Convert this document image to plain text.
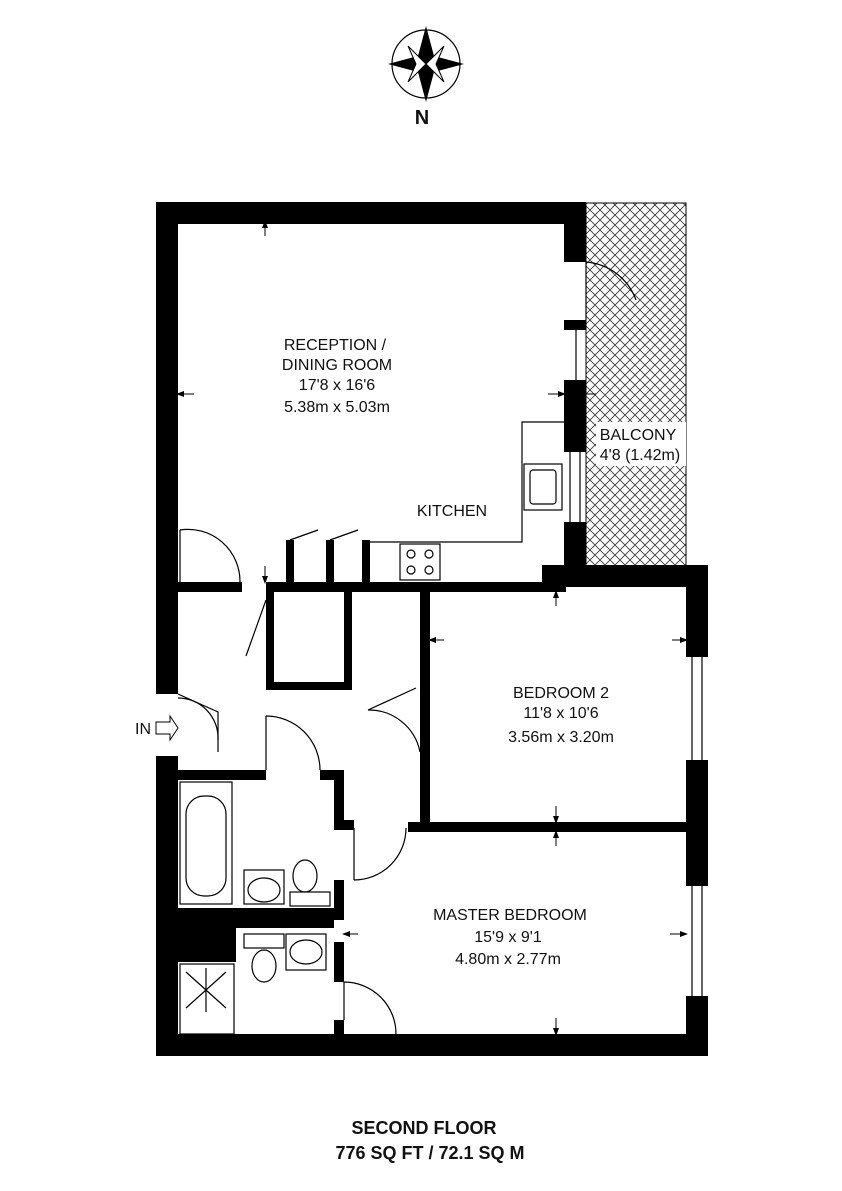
N
IN
RECEPTION /
DINING ROOM
17'8 x 16'6
5.38m x 5.03m
KITCHEN
BALCONY
4'8 (1.42m)
BEDROOM 2
11'8 x 10'6
3.56m x 3.20m
MASTER BEDROOM
15'9 x 9'1
4.80m x 2.77m
SECOND FLOOR
776 SQ FT / 72.1 SQ M
